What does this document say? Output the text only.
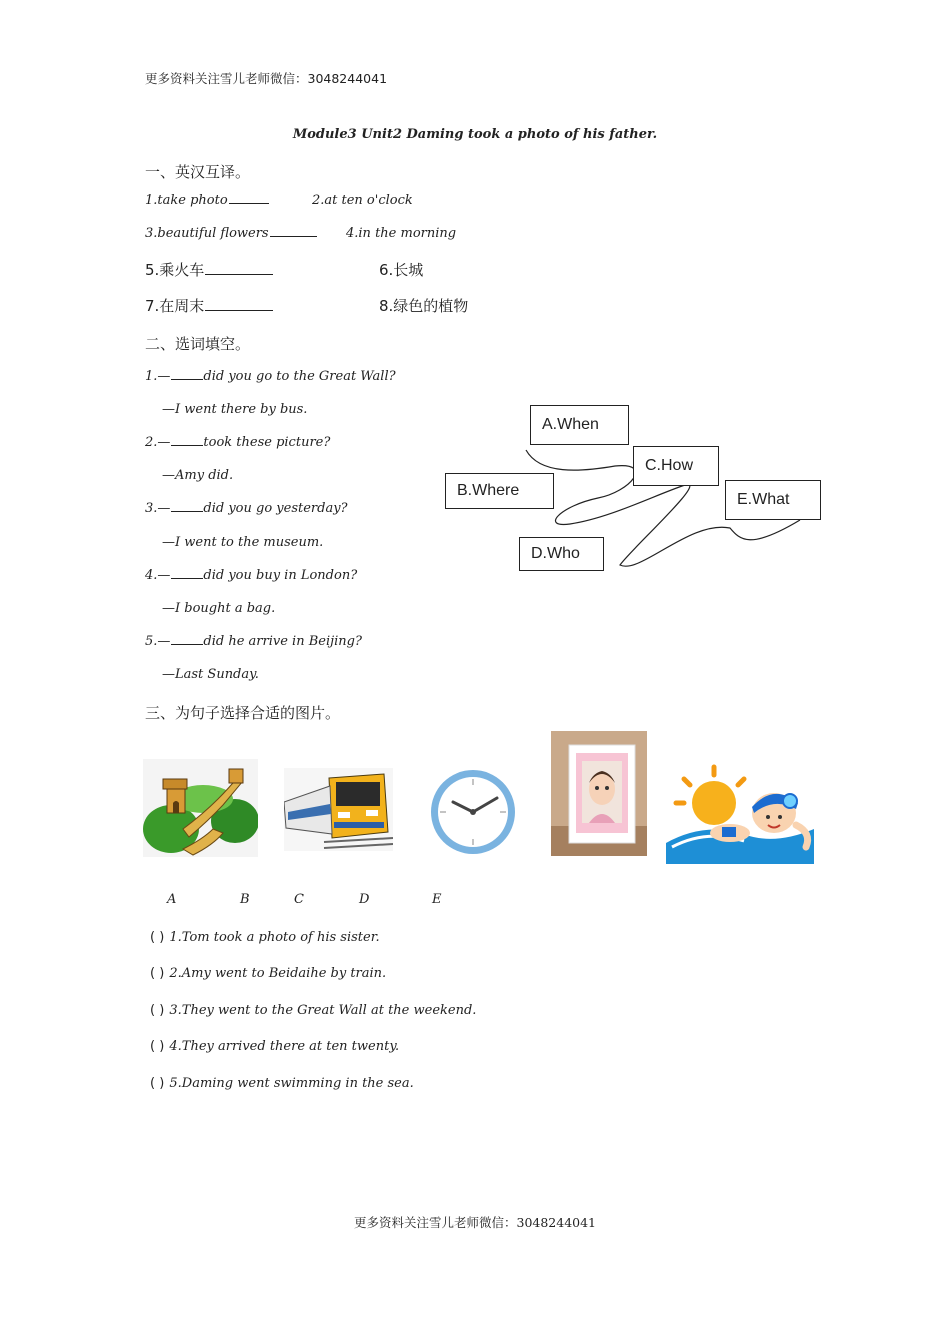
更多资料关注雪儿老师微信：3048244041
Module3 Unit2 Daming took a photo of his father.
一、英汉互译。
1.take photo	2.at ten o'clock
3.beautiful flowers	4.in the morning
5.乘火车	6.长城
7.在周末	8.绿色的植物
二、选词填空。
1.—	did you go to the Great Wall?
—I went there by bus.
2.—	took these picture?
—Amy did.
3.—	did you go yesterday?
—I went to the museum.
4.—	did you buy in London?
—I bought a bag.
5.—	did he arrive in Beijing?
—Last Sunday.
A.When
B.Where
C.How
D.Who
E.What
三、为句子选择合适的图片。
A	B	C	D	E
( ) 1.Tom took a photo of his sister.
( ) 2.Amy went to Beidaihe by train.
( ) 3.They went to the Great Wall at the weekend.
( ) 4.They arrived there at ten twenty.
( ) 5.Daming went swimming in the sea.
更多资料关注雪儿老师微信：3048244041
